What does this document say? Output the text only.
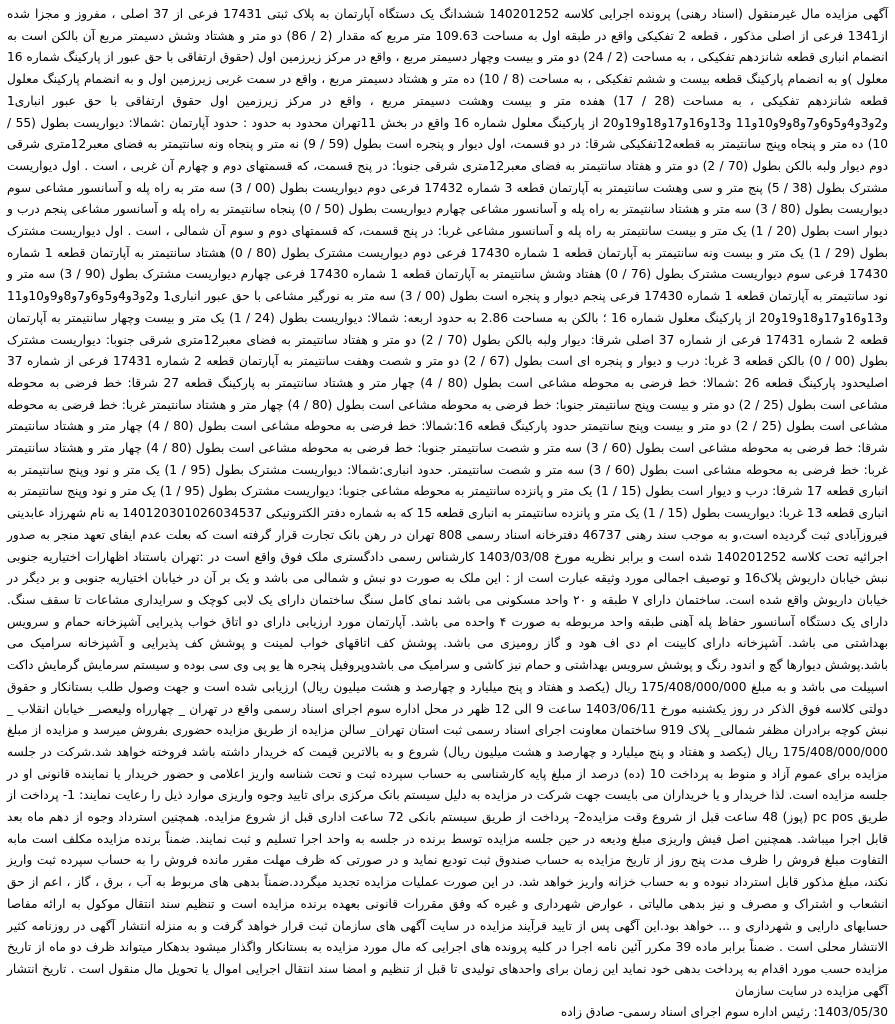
آگهی مزایده مال غیرمنقول (اسناد رهنی) پرونده اجرایی کلاسه 140201252 ششدانگ یک دستگاه آپارتمان به پلاک ثبتی 17431 فرعی از 37 اصلی ، مفروز و مجزا شده از1341 فرعی از اصلی مذکور ، قطعه 2 تفکیکی واقع در طبقه اول به مساحت 109.63 متر مربع که مقدار (2 / 86) دو متر و هشتاد وشش دسیمتر مربع آن بالکن است به انضمام انباری قطعه شانزدهم تفکیکی ، به مساحت (2 / 24) دو متر و بیست وچهار دسیمتر مربع ، واقع در مرکز زیرزمین اول (حقوق ارتفاقی با حق عبور از پارکینگ شماره 16 معلول )و به انضمام پارکینگ قطعه بیست و ششم تفکیکی ، به مساحت (8 / 10) ده متر و هشتاد دسیمتر مربع ، واقع در سمت غربی زیرزمین اول و به انضمام پارکینگ معلول قطعه شانزدهم تفکیکی ، به مساحت (28 / 17) هفده متر و بیست وهشت دسیمتر مربع ، واقع در مرکز زیرزمین اول حقوق ارتفاقی با حق عبور انباری1 و2و3و4و5و6و7و8و9و10و11 و13و16و17و18و19و20 از پارکینگ معلول شماره 16 واقع در بخش 11تهران محدود به حدود : حدود آپارتمان :شمالا: دیواریست بطول (55 / 10) ده متر و پنجاه وپنج سانتیمتر به قطعه12تفکیکی شرقا: در دو قسمت، اول دیوار و پنجره است بطول (59 / 9) نه متر و پنجاه ونه سانتیمتر به فضای معبر12متری شرقی دوم دیوار ولبه بالکن بطول (70 / 2) دو متر و هفتاد سانتیمتر به فضای معبر12متری شرقی جنوبا: در پنج قسمت، که قسمتهای دوم و چهارم آن غربی ، است . اول دیواریست مشترک بطول (38 / 5) پنج متر و سی وهشت سانتیمتر به آپارتمان قطعه 3 شماره 17432 فرعی دوم دیواریست بطول (00 / 3) سه متر به راه پله و آسانسور مشاعی سوم دیواریست بطول (80 / 3) سه متر و هشتاد سانتیمتر به راه پله و آسانسور مشاعی چهارم دیواریست بطول (50 / 0) پنجاه سانتیمتر به راه پله و آسانسور مشاعی پنجم درب و دیوار است بطول (20 / 1) یک متر و بیست سانتیمتر به راه پله و آسانسور مشاعی غربا: در پنج قسمت، که قسمتهای دوم و سوم آن شمالی ، است . اول دیواریست مشترک بطول (29 / 1) یک متر و بیست ونه سانتیمتر به آپارتمان قطعه 1 شماره 17430 فرعی دوم دیواریست مشترک بطول (80 / 0) هشتاد سانتیمتر به آپارتمان قطعه 1 شماره 17430 فرعی سوم دیواریست مشترک بطول (76 / 0) هفتاد وشش سانتیمتر به آپارتمان قطعه 1 شماره 17430 فرعی چهارم دیواریست مشترک بطول (90 / 3) سه متر و نود سانتیمتر به آپارتمان قطعه 1 شماره 17430 فرعی پنجم دیوار و پنجره است بطول (00 / 3) سه متر به نورگیر مشاعی با حق عبور انباری1 و2و3و4و5و6و7و8و9و10و11 و13و16و17و18و19و20 از پارکینگ معلول شماره 16 ؛ بالکن به مساحت 2.86 به حدود اربعه: شمالا: دیواریست بطول (24 / 1) یک متر و بیست وچهار سانتیمتر به آپارتمان قطعه 2 شماره 17431 فرعی از شماره 37 اصلی شرقا: دیوار ولبه بالکن بطول (70 / 2) دو متر و هفتاد سانتیمتر به فضای معبر12متری شرقی جنوبا: دیواریست مشترک بطول (00 / 0) بالکن قطعه 3 غربا: درب و دیوار و پنجره ای است بطول (67 / 2) دو متر و شصت وهفت سانتیمتر به آپارتمان قطعه 2 شماره 17431 فرعی از شماره 37 اصلیحدود پارکینگ قطعه 26 :شمالا: خط فرضی به محوطه مشاعی است بطول (80 / 4) چهار متر و هشتاد سانتیمتر به پارکینگ قطعه 27 شرقا: خط فرضی به محوطه مشاعی است بطول (25 / 2) دو متر و بیست وپنج سانتیمتر جنوبا: خط فرضی به محوطه مشاعی است بطول (80 / 4) چهار متر و هشتاد سانتیمتر غربا: خط فرضی به محوطه مشاعی است بطول (25 / 2) دو متر و بیست وپنج سانتیمتر حدود پارکینگ قطعه 16:شمالا: خط فرضی به محوطه مشاعی است بطول (80 / 4) چهار متر و هشتاد سانتیمتر شرقا: خط فرضی به محوطه مشاعی است بطول (60 / 3) سه متر و شصت سانتیمتر جنوبا: خط فرضی به محوطه مشاعی است بطول (80 / 4) چهار متر و هشتاد سانتیمتر غربا: خط فرضی به محوطه مشاعی است بطول (60 / 3) سه متر و شصت سانتیمتر. حدود انباری:شمالا: دیواریست مشترک بطول (95 / 1) یک متر و نود وپنج سانتیمتر به انباری قطعه 17 شرقا: درب و دیوار است بطول (15 / 1) یک متر و پانزده سانتیمتر به محوطه مشاعی جنوبا: دیواریست مشترک بطول (95 / 1) یک متر و نود وپنج سانتیمتر به انباری قطعه 13 غربا: دیواریست بطول (15 / 1) یک متر و پانزده سانتیمتر به انباری قطعه 15 که به شماره دفتر الکترونیکی 140120301026034537 به نام شهرزاد عابدینی فیروزآبادی ثبت گردیده است،و به موجب سند رهنی 46737 دفترخانه اسناد رسمی 808 تهران در رهن بانک تجارت قرار گرفته است که بعلت عدم ایفای تعهد منجر به صدور اجرائیه تحت کلاسه 140201252 شده است و برابر نظریه مورخ 1403/03/08 کارشناس رسمی دادگستری ملک فوق واقع است در :تهران باستناد اظهارات اختیاریه جنوبی نبش خیابان داریوش پلاک16 و توصیف اجمالی مورد وثیقه عبارت است از : این ملک به صورت دو نبش و شمالی می باشد و یک بر آن در خیابان اختیاریه جنوبی و بر دیگر در خیابان داریوش واقع شده است. ساختمان دارای ۷ طبقه و ۲۰ واحد مسکونی می باشد نمای کامل سنگ ساختمان دارای یک لابی کوچک و سرایداری مشاعات تا سقف سنگ. دارای یک دستگاه آسانسور حفاظ پله آهنی طبقه واحد مربوطه به صورت ۴ واحده می باشد. آپارتمان مورد ارزیابی دارای دو اتاق خواب پذیرایی آشپزخانه حمام و سرویس بهداشتی می باشد. آشپزخانه دارای کابینت ام دی اف هود و گاز رومیزی می باشد. پوشش کف اتاقهای خواب لمینت و پوشش کف پذیرایی و آشپزخانه سرامیک می باشد.پوشش دیوارها گچ و اندود رنگ و پوشش سرویس بهداشتی و حمام نیز کاشی و سرامیک می باشدوپروفیل پنجره ها یو پی وی سی بوده و سیستم سرمایش گرمایش داکت اسپیلت می باشد و به مبلغ 175/408/000/000 ریال (یکصد و هفتاد و پنج میلیارد و چهارصد و هشت میلیون ریال) ارزیابی شده است و جهت وصول طلب بستانکار و حقوق دولتی کلاسه فوق الذکر در روز یکشنبه مورخ 1403/06/11 ساعت 9 الی 12 ظهر در محل اداره سوم اجرای اسناد رسمی واقع در تهران _ چهارراه ولیعصر_ خیابان انقلاب _ نبش کوچه برادران مظفر شمالی_ پلاک 919 ساختمان معاونت اجرای اسناد رسمی ثبت استان تهران_ سالن مزایده از طریق مزایده حضوری بفروش میرسد و مزایده از مبلغ 175/408/000/000 ریال (یکصد و هفتاد و پنج میلیارد و چهارصد و هشت میلیون ریال) شروع و به بالاترین قیمت که خریدار داشته باشد فروخته خواهد شد.شرکت در جلسه مزایده برای عموم آزاد و منوط به پرداخت 10 (ده) درصد از مبلغ پایه کارشناسی به حساب سپرده ثبت و تحت شناسه واریز اعلامی و حضور خریدار یا نماینده قانونی او در جلسه مزایده است. لذا خریدار و یا خریداران می بایست جهت شرکت در مزایده به دلیل سیستم بانک مرکزی برای تایید وجوه واریزی موارد ذیل را رعایت نمایند: 1- پرداخت از طریق pc pos (پوز) 48 ساعت قبل از شروع وقت مزایده2- پرداخت از طریق سیستم بانکی 72 ساعت اداری قبل از شروع مزایده. همچنین استرداد وجوه از دهم ماه بعد قابل اجرا میباشد. همچنین اصل فیش واریزی مبلغ ودیعه در حین جلسه مزایده توسط برنده در جلسه به واحد اجرا تسلیم و ثبت نمایند. ضمناً برنده مزایده مکلف است مابه التفاوت مبلغ فروش را ظرف مدت پنج روز از تاریخ مزایده به حساب صندوق ثبت تودیع نماید و در صورتی که ظرف مهلت مقرر مانده فروش را به حساب سپرده ثبت واریز نکند، مبلغ مذکور قابل استرداد نبوده و به حساب خزانه واریز خواهد شد. در این صورت عملیات مزایده تجدید میگردد.ضمناً بدهی های مربوط به آب ، برق ، گاز ، اعم از حق انشعاب و اشتراک و مصرف و نیز بدهی مالیاتی ، عوارض شهرداری و غیره که وفق مقررات قانونی بعهده برنده مزایده است و تنظیم سند انتقال موکول به ارائه مفاصا حسابهای دارایی و شهرداری و ... خواهد بود.این آگهی پس از تایید فرآیند مزایده در سایت آگهی های سازمان ثبت قرار خواهد گرفت و به منزله انتشار آگهی در روزنامه کثیر الانتشار محلی است . ضمناً برابر ماده 39 مکرر آئین نامه اجرا در کلیه پرونده های اجرایی که مال مورد مزایده به بستانکار واگذار میشود بدهکار میتواند ظرف دو ماه از تاریخ مزایده حسب مورد اقدام به پرداخت بدهی خود نماید این زمان برای واحدهای تولیدی تا قبل از تنظیم و امضا سند انتقال اجرایی اموال یا تحویل مال منقول است . تاریخ انتشار آگهی مزایده در سایت سازمان

1403/05/30: رئیس اداره سوم اجرای اسناد رسمی- صادق زاده
